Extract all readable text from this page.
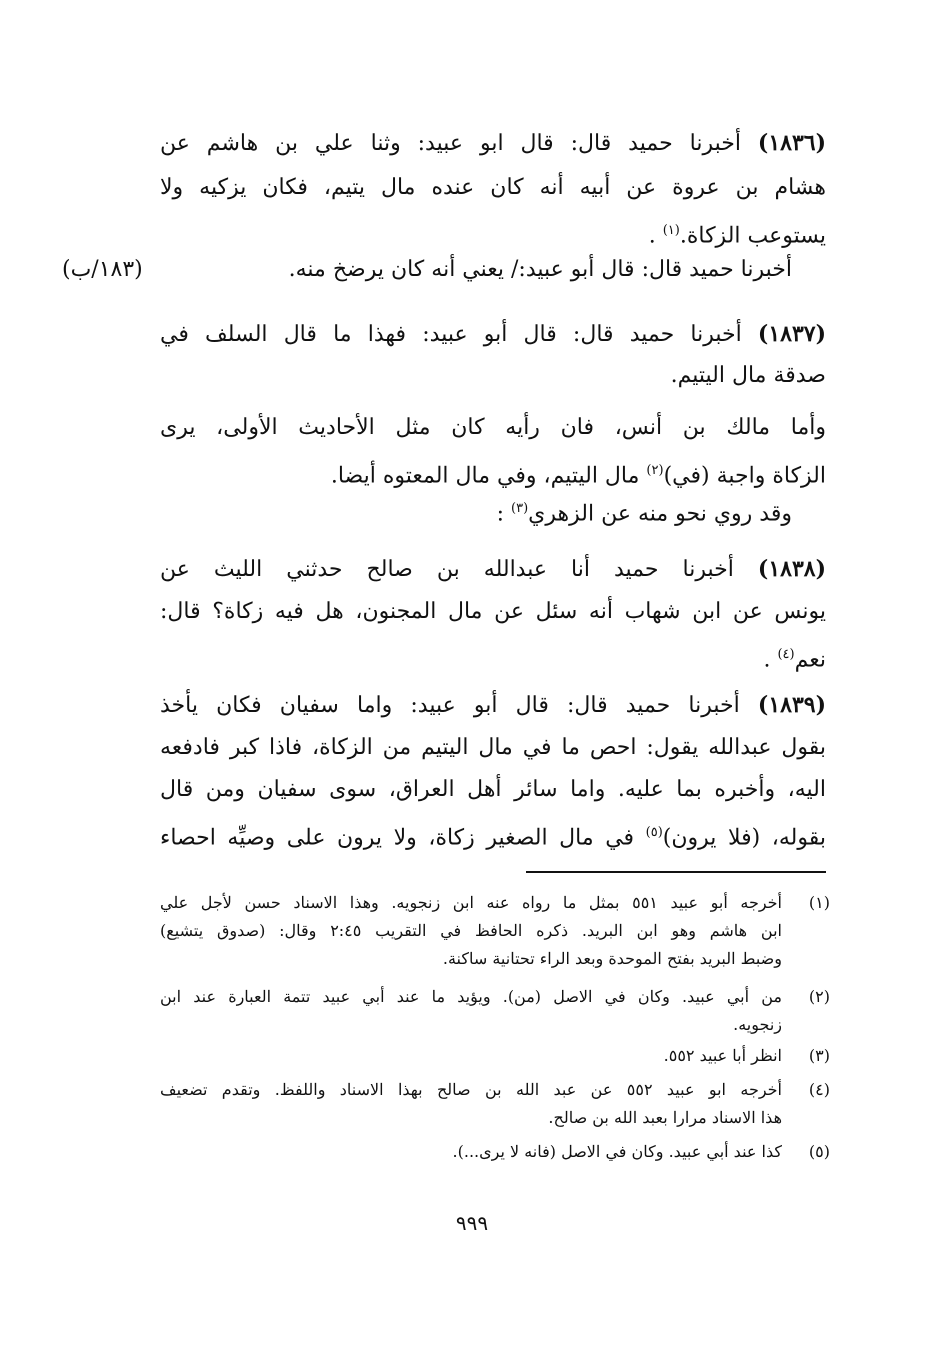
(١٨٣٦) أخبرنا حميد قال: قال ابو عبيد: وثنا علي بن هاشم عن
هشام بن عروة عن أبيه أنه كان عنده مال يتيم، فكان يزكيه ولا
يستوعب الزكاة.$^{(١)}$ .
أخبرنا حميد قال: قال أبو عبيد:/ يعني أنه كان يرضخ منه.
(١٨٣/ب)
(١٨٣٧) أخبرنا حميد قال: قال أبو عبيد: فهذا ما قال السلف في
صدقة مال اليتيم.
وأما مالك بن أنس، فان رأيه كان مثل الأحاديث الأولى، يرى
الزكاة واجبة (في)$^{(٢)}$ مال اليتيم، وفي مال المعتوه أيضا.
وقد روي نحو منه عن الزهري$^{(٣)}$ :
(١٨٣٨) أخبرنا حميد أنا عبدالله بن صالح حدثني الليث عن
يونس عن ابن شهاب أنه سئل عن مال المجنون، هل فيه زكاة؟ قال:
نعم$^{(٤)}$ .
(١٨٣٩) أخبرنا حميد قال: قال أبو عبيد: واما سفيان فكان يأخذ
بقول عبدالله يقول: احص ما في مال اليتيم من الزكاة، فاذا كبر فادفعه
اليه، وأخبره بما عليه. واما سائر أهل العراق، سوى سفيان ومن قال
بقوله، (فلا يرون)$^{(٥)}$ في مال الصغير زكاة، ولا يرون على وصيِّه احصاء
(١)
أخرجه أبو عبيد ٥٥١ بمثل ما رواه عنه ابن زنجويه. وهذا الاسناد حسن لأجل علي
ابن هاشم وهو ابن البريد. ذكره الحافظ في التقريب ٢:٤٥ وقال: (صدوق يتشيع)
وضبط البريد بفتح الموحدة وبعد الراء تحتانية ساكنة.
(٢)
من أبي عبيد. وكان في الاصل (من). ويؤيد ما عند أبي عبيد تتمة العبارة عند ابن
زنجويه.
(٣)
انظر أبا عبيد ٥٥٢.
(٤)
أخرجه ابو عبيد ٥٥٢ عن عبد الله بن صالح بهذا الاسناد واللفظ. وتقدم تضعيف
هذا الاسناد مرارا بعبد الله بن صالح.
(٥)
كذا عند أبي عبيد. وكان في الاصل (فانه لا يرى...).
٩٩٩
